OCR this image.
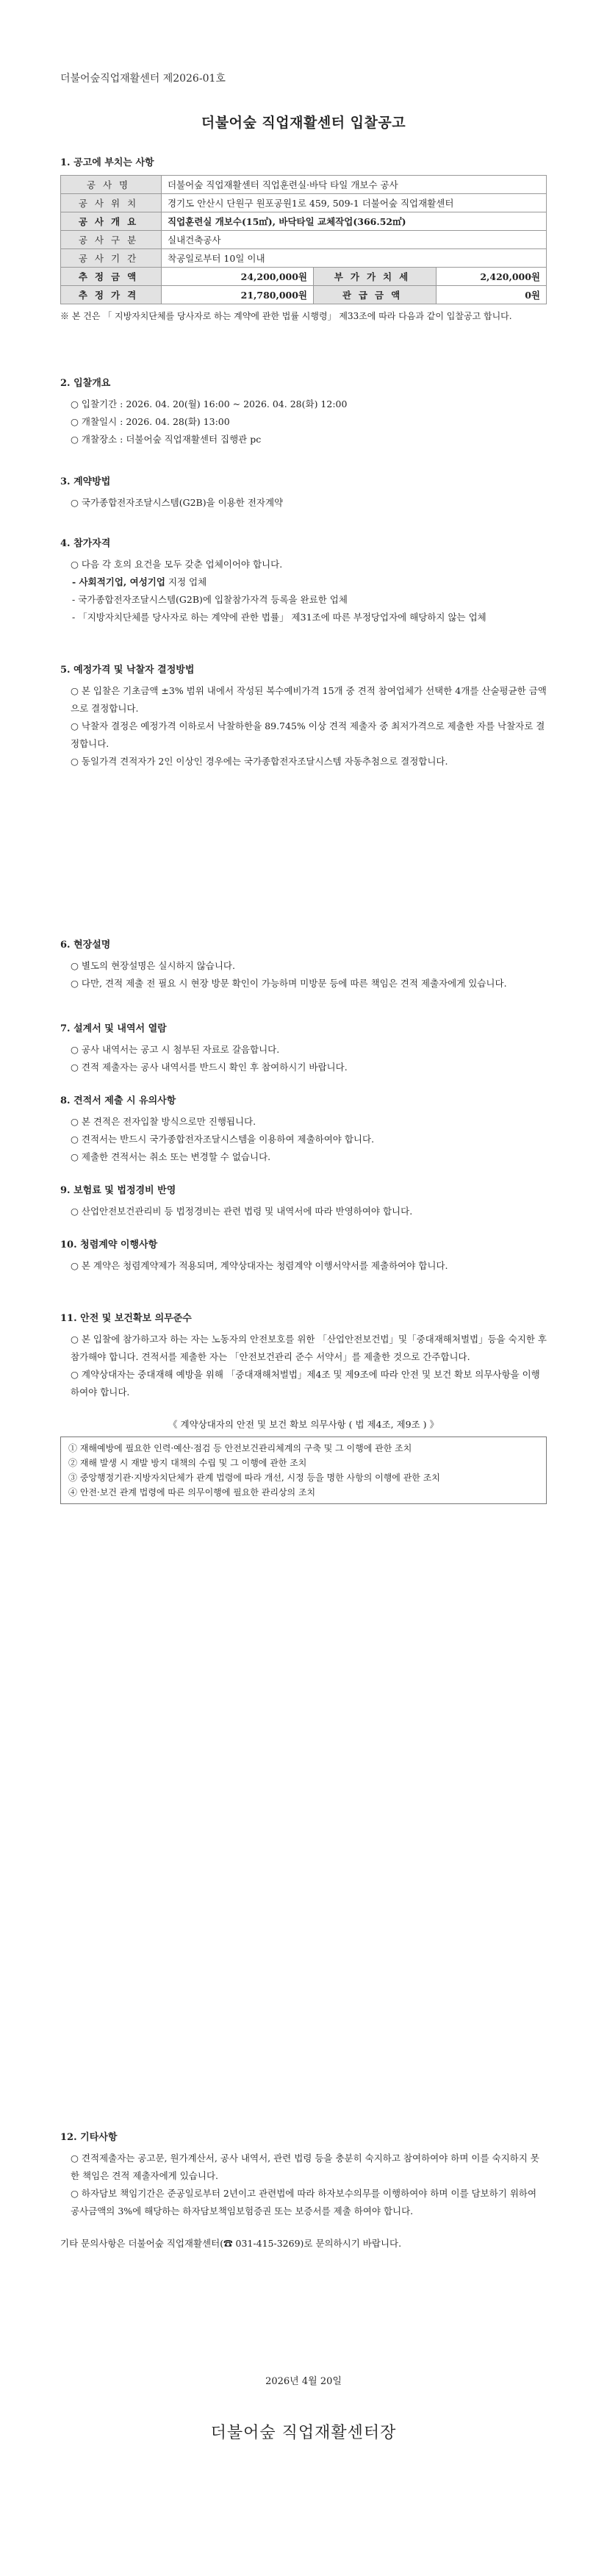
더불어숲직업재활센터 제2026-01호
더불어숲 직업재활센터 입찰공고
1. 공고에 부치는 사항
공사명	더불어숲 직업재활센터 직업훈련실·바닥 타일 개보수 공사		
공사위치	경기도 안산시 단원구 원포공원1로 459, 509-1 더불어숲 직업재활센터		
공사개요	직업훈련실 개보수(15㎡), 바닥타일 교체작업(366.52㎡)		
공사구분	실내건축공사		
공사기간	착공일로부터 10일 이내		
추정금액	24,200,000원	부가가치세	2,420,000원
추정가격	21,780,000원	관급금액	0원
※ 본 건은 「 지방자치단체를 당사자로 하는 계약에 관한 법률 시행령」 제33조에 따라 다음과 같이 입찰공고 합니다.
2. 입찰개요
○ 입찰기간 : 2026. 04. 20(월) 16:00 ~ 2026. 04. 28(화) 12:00
○ 개찰일시 : 2026. 04. 28(화) 13:00
○ 개찰장소 : 더불어숲 직업재활센터 집행관 pc
3. 계약방법
○ 국가종합전자조달시스템(G2B)을 이용한 전자계약
4. 참가자격
○ 다음 각 호의 요건을 모두 갖춘 업체이어야 합니다.
- 사회적기업, 여성기업 지정 업체
- 국가종합전자조달시스템(G2B)에 입찰참가자격 등록을 완료한 업체
- 「지방자치단체를 당사자로 하는 계약에 관한 법률」 제31조에 따른 부정당업자에 해당하지 않는 업체
5. 예정가격 및 낙찰자 결정방법
○ 본 입찰은 기초금액 ±3% 범위 내에서 작성된 복수예비가격 15개 중 견적 참여업체가 선택한 4개를 산술평균한 금액으로 결정합니다.
○ 낙찰자 결정은 예정가격 이하로서 낙찰하한율 89.745% 이상 견적 제출자 중 최저가격으로 제출한 자를 낙찰자로 결정합니다.
○ 동일가격 견적자가 2인 이상인 경우에는 국가종합전자조달시스템 자동추첨으로 결정합니다.
6. 현장설명
○ 별도의 현장설명은 실시하지 않습니다.
○ 다만, 견적 제출 전 필요 시 현장 방문 확인이 가능하며 미방문 등에 따른 책임은 견적 제출자에게 있습니다.
7. 설계서 및 내역서 열람
○ 공사 내역서는 공고 시 첨부된 자료로 갈음합니다.
○ 견적 제출자는 공사 내역서를 반드시 확인 후 참여하시기 바랍니다.
8. 견적서 제출 시 유의사항
○ 본 견적은 전자입찰 방식으로만 진행됩니다.
○ 견적서는 반드시 국가종합전자조달시스템을 이용하여 제출하여야 합니다.
○ 제출한 견적서는 취소 또는 변경할 수 없습니다.
9. 보험료 및 법정경비 반영
○ 산업안전보건관리비 등 법정경비는 관련 법령 및 내역서에 따라 반영하여야 합니다.
10. 청렴계약 이행사항
○ 본 계약은 청렴계약제가 적용되며, 계약상대자는 청렴계약 이행서약서를 제출하여야 합니다.
11. 안전 및 보건확보 의무준수
○ 본 입찰에 참가하고자 하는 자는 노동자의 안전보호를 위한 「산업안전보건법」및「중대재해처벌법」등을 숙지한 후 참가해야 합니다. 견적서를 제출한 자는 「안전보건관리 준수 서약서」를 제출한 것으로 간주합니다.
○ 계약상대자는 중대재해 예방을 위해 「중대재해처벌법」제4조 및 제9조에 따라 안전 및 보건 확보 의무사항을 이행하여야 합니다.
《 계약상대자의 안전 및 보건 확보 의무사항 ( 법 제4조, 제9조 ) 》
① 재해예방에 필요한 인력·예산·점검 등 안전보건관리체계의 구축 및 그 이행에 관한 조치
② 재해 발생 시 재발 방지 대책의 수립 및 그 이행에 관한 조치
③ 중앙행정기관·지방자치단체가 관계 법령에 따라 개선, 시정 등을 명한 사항의 이행에 관한 조치
④ 안전·보건 관계 법령에 따른 의무이행에 필요한 관리상의 조치
12. 기타사항
○ 견적제출자는 공고문, 원가계산서, 공사 내역서, 관련 법령 등을 충분히 숙지하고 참여하여야 하며 이를 숙지하지 못한 책임은 견적 제출자에게 있습니다.
○ 하자담보 책임기간은 준공일로부터 2년이고 관련법에 따라 하자보수의무를 이행하여야 하며 이를 담보하기 위하여 공사금액의 3%에 해당하는 하자담보책임보험증권 또는 보증서를 제출 하여야 합니다.
기타 문의사항은 더불어숲 직업재활센터(☎ 031-415-3269)로 문의하시기 바랍니다.
2026년 4월 20일
더불어숲 직업재활센터장
